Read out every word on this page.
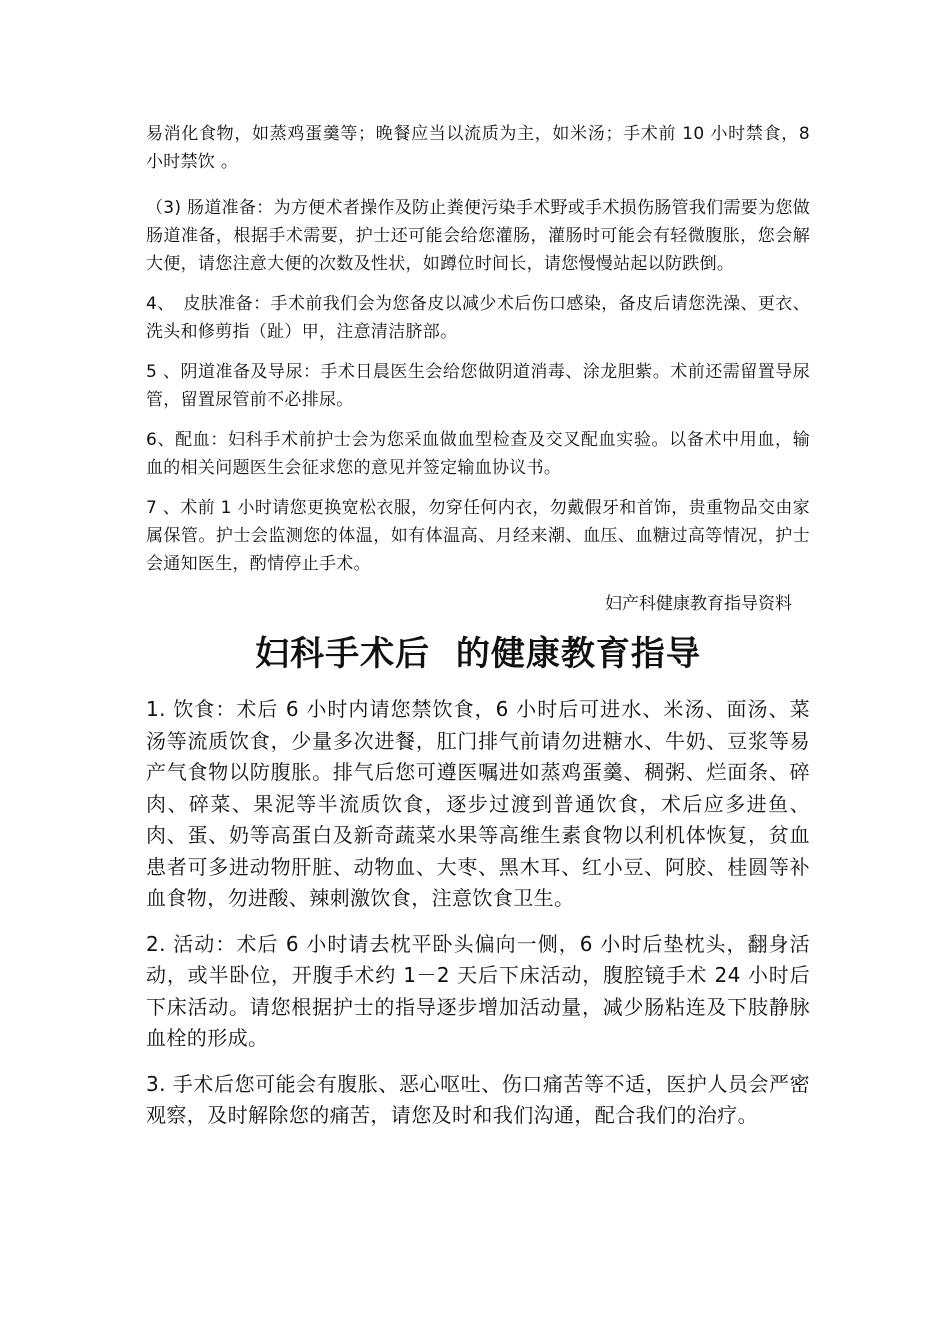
易消化食物，如蒸鸡蛋羹等；晚餐应当以流质为主，如米汤；手术前 10 小时禁食，8 小时禁饮 。

（3) 肠道准备：为方便术者操作及防止粪便污染手术野或手术损伤肠管我们需要为您做肠道准备，根据手术需要，护士还可能会给您灌肠，灌肠时可能会有轻微腹胀，您会解大便，请您注意大便的次数及性状，如蹲位时间长，请您慢慢站起以防跌倒。

4、　皮肤准备：手术前我们会为您备皮以减少术后伤口感染，备皮后请您洗澡、更衣、洗头和修剪指（趾）甲，注意清洁脐部。

5 、阴道准备及导尿：手术日晨医生会给您做阴道消毒、涂龙胆紫。术前还需留置导尿管，留置尿管前不必排尿。

6、配血：妇科手术前护士会为您采血做血型检查及交叉配血实验。以备术中用血，输血的相关问题医生会征求您的意见并签定输血协议书。

7 、术前 1 小时请您更换宽松衣服，勿穿任何内衣，勿戴假牙和首饰，贵重物品交由家属保管。护士会监测您的体温，如有体温高、月经来潮、血压、血糖过高等情况，护士会通知医生，酌情停止手术。

妇产科健康教育指导资料

妇科手术后  的健康教育指导

1. 饮食：术后 6 小时内请您禁饮食，6 小时后可进水、米汤、面汤、菜汤等流质饮食，少量多次进餐，肛门排气前请勿进糖水、牛奶、豆浆等易产气食物以防腹胀。排气后您可遵医嘱进如蒸鸡蛋羹、稠粥、烂面条、碎肉、碎菜、果泥等半流质饮食，逐步过渡到普通饮食，术后应多进鱼、肉、蛋、奶等高蛋白及新奇蔬菜水果等高维生素食物以利机体恢复，贫血患者可多进动物肝脏、动物血、大枣、黑木耳、红小豆、阿胶、桂圆等补血食物，勿进酸、辣刺激饮食，注意饮食卫生。

2. 活动：术后 6 小时请去枕平卧头偏向一侧，6 小时后垫枕头，翻身活动，或半卧位，开腹手术约 1－2 天后下床活动，腹腔镜手术 24 小时后下床活动。请您根据护士的指导逐步增加活动量，减少肠粘连及下肢静脉血栓的形成。

3. 手术后您可能会有腹胀、恶心呕吐、伤口痛苦等不适，医护人员会严密观察，及时解除您的痛苦，请您及时和我们沟通，配合我们的治疗。
